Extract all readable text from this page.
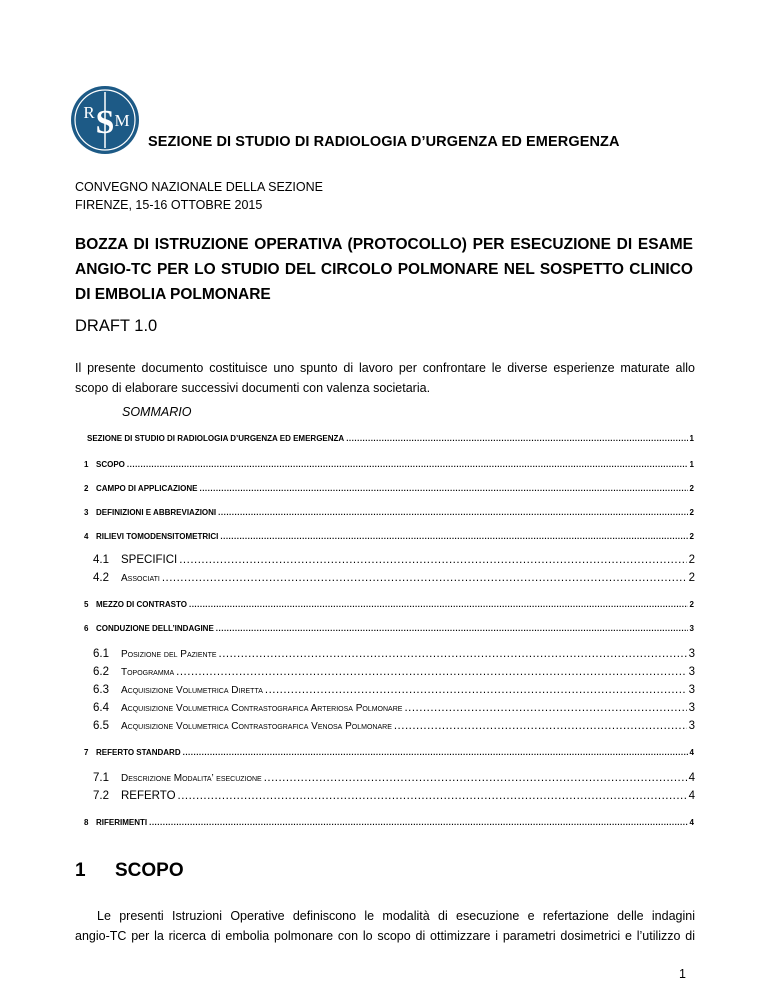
S
R M
SEZIONE DI STUDIO DI RADIOLOGIA D’URGENZA ED EMERGENZA
CONVEGNO NAZIONALE DELLA SEZIONE
FIRENZE, 15-16 OTTOBRE 2015
BOZZA DI ISTRUZIONE OPERATIVA (PROTOCOLLO) PER ESECUZIONE DI ESAME
ANGIO-TC PER LO STUDIO DEL CIRCOLO POLMONARE NEL SOSPETTO CLINICO
DI EMBOLIA POLMONARE
DRAFT 1.0
Il presente documento costituisce uno spunto di lavoro per confrontare le diverse esperienze maturate allo
scopo di elaborare successivi documenti con valenza societaria.
SOMMARIO
SEZIONE DI STUDIO DI RADIOLOGIA D’URGENZA ED EMERGENZA .....	1
1 SCOPO .....	1
2 CAMPO DI APPLICAZIONE .....	2
3 DEFINIZIONI E ABBREVIAZIONI .....	2
4 RILIEVI TOMODENSITOMETRICI .....	2
4.1	SPECIFICI .....	2
4.2	Associati .....	2
5 MEZZO DI CONTRASTO .....	2
6 CONDUZIONE DELL’INDAGINE .....	3
6.1	Posizione del Paziente .....	3
6.2	Topogramma .....	3
6.3	Acquisizione Volumetrica Diretta .....	3
6.4	Acquisizione Volumetrica Contrastografica Arteriosa Polmonare .....	3
6.5	Acquisizione Volumetrica Contrastografica Venosa Polmonare .....	3
7 REFERTO STANDARD .....	4
7.1	Descrizione Modalita’ esecuzione .....	4
7.2	REFERTO .....	4
8 RIFERIMENTI .....	4
1	SCOPO
Le presenti Istruzioni Operative definiscono le modalità di esecuzione e refertazione delle indagini
angio-TC per la ricerca di embolia polmonare con lo scopo di ottimizzare i parametri dosimetrici e l’utilizzo di
1
